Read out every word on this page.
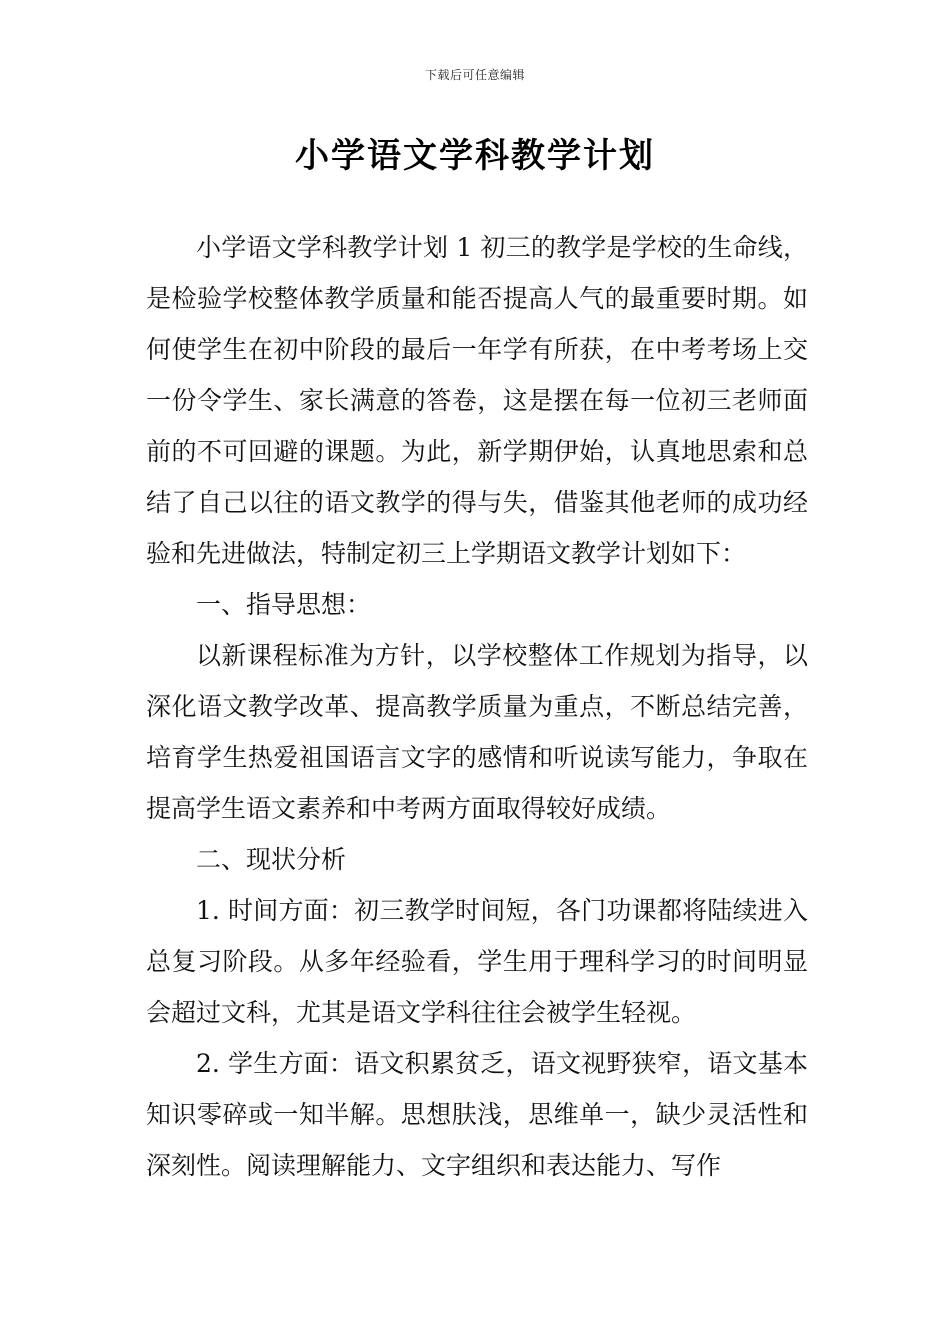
下载后可任意编辑
小学语文学科教学计划

小学语文学科教学计划 1 初三的教学是学校的生命线，是检验学校整体教学质量和能否提高人气的最重要时期。如何使学生在初中阶段的最后一年学有所获，在中考考场上交一份令学生、家长满意的答卷，这是摆在每一位初三老师面前的不可回避的课题。为此，新学期伊始，认真地思索和总结了自己以往的语文教学的得与失，借鉴其他老师的成功经验和先进做法，特制定初三上学期语文教学计划如下：

一、指导思想：

以新课程标准为方针，以学校整体工作规划为指导，以深化语文教学改革、提高教学质量为重点，不断总结完善，培育学生热爱祖国语言文字的感情和听说读写能力，争取在提高学生语文素养和中考两方面取得较好成绩。

二、现状分析

1. 时间方面：初三教学时间短，各门功课都将陆续进入总复习阶段。从多年经验看，学生用于理科学习的时间明显会超过文科，尤其是语文学科往往会被学生轻视。

2. 学生方面：语文积累贫乏，语文视野狭窄，语文基本知识零碎或一知半解。思想肤浅，思维单一，缺少灵活性和深刻性。阅读理解能力、文字组织和表达能力、写作
